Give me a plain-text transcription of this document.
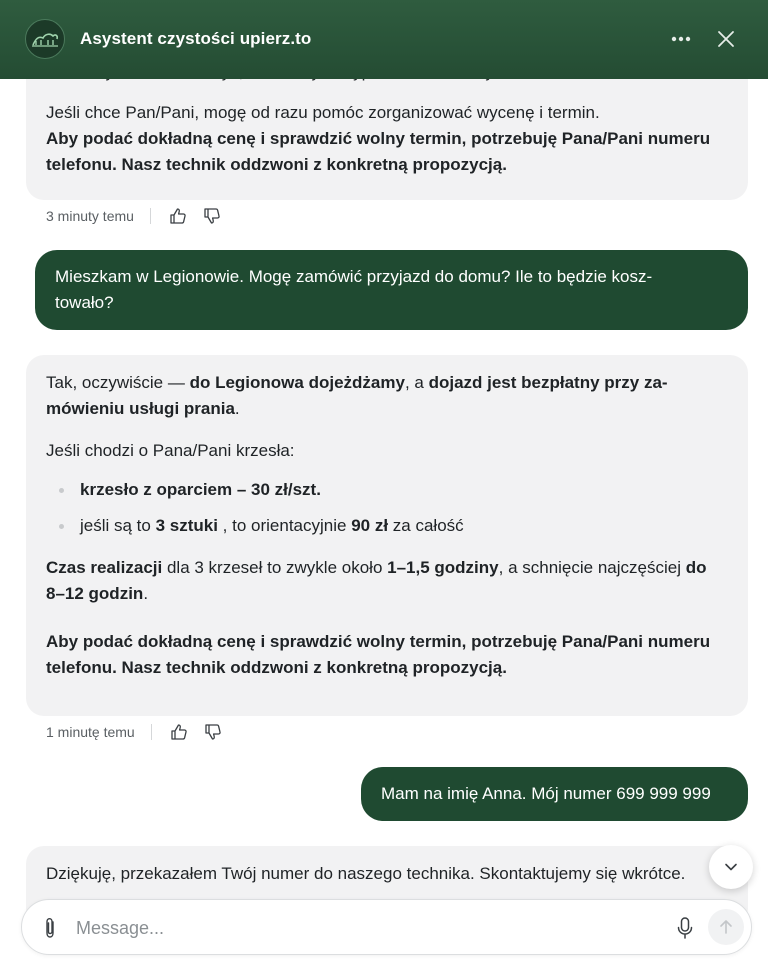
Asystent czystości upierz.to
Jeśli chce Pan/Pani, mogę od razu pomóc zorganizować wycenę i termin.
Aby podać dokładną cenę i sprawdzić wolny termin, potrzebuję Pana/Pani numeru telefonu. Nasz technik oddzwoni z konkretną propozycją.
3 minuty temu
Mieszkam w Legionowie. Mogę zamówić przyjazd do domu? Ile to będzie kosz-towało?
Tak, oczywiście — do Legionowa dojeżdżamy, a dojazd jest bezpłatny przy za-mówieniu usługi prania.
Jeśli chodzi o Pana/Pani krzesła:
krzesło z oparciem – 30 zł/szt.
jeśli są to 3 sztuki , to orientacyjnie 90 zł za całość
Czas realizacji dla 3 krzeseł to zwykle około 1–1,5 godziny, a schnięcie najczęściej do 8–12 godzin.
Aby podać dokładną cenę i sprawdzić wolny termin, potrzebuję Pana/Pani numeru telefonu. Nasz technik oddzwoni z konkretną propozycją.
1 minutę temu
Mam na imię Anna. Mój numer 699 999 999
Dziękuję, przekazałem Twój numer do naszego technika. Skontaktujemy się wkrótce.
Message...
